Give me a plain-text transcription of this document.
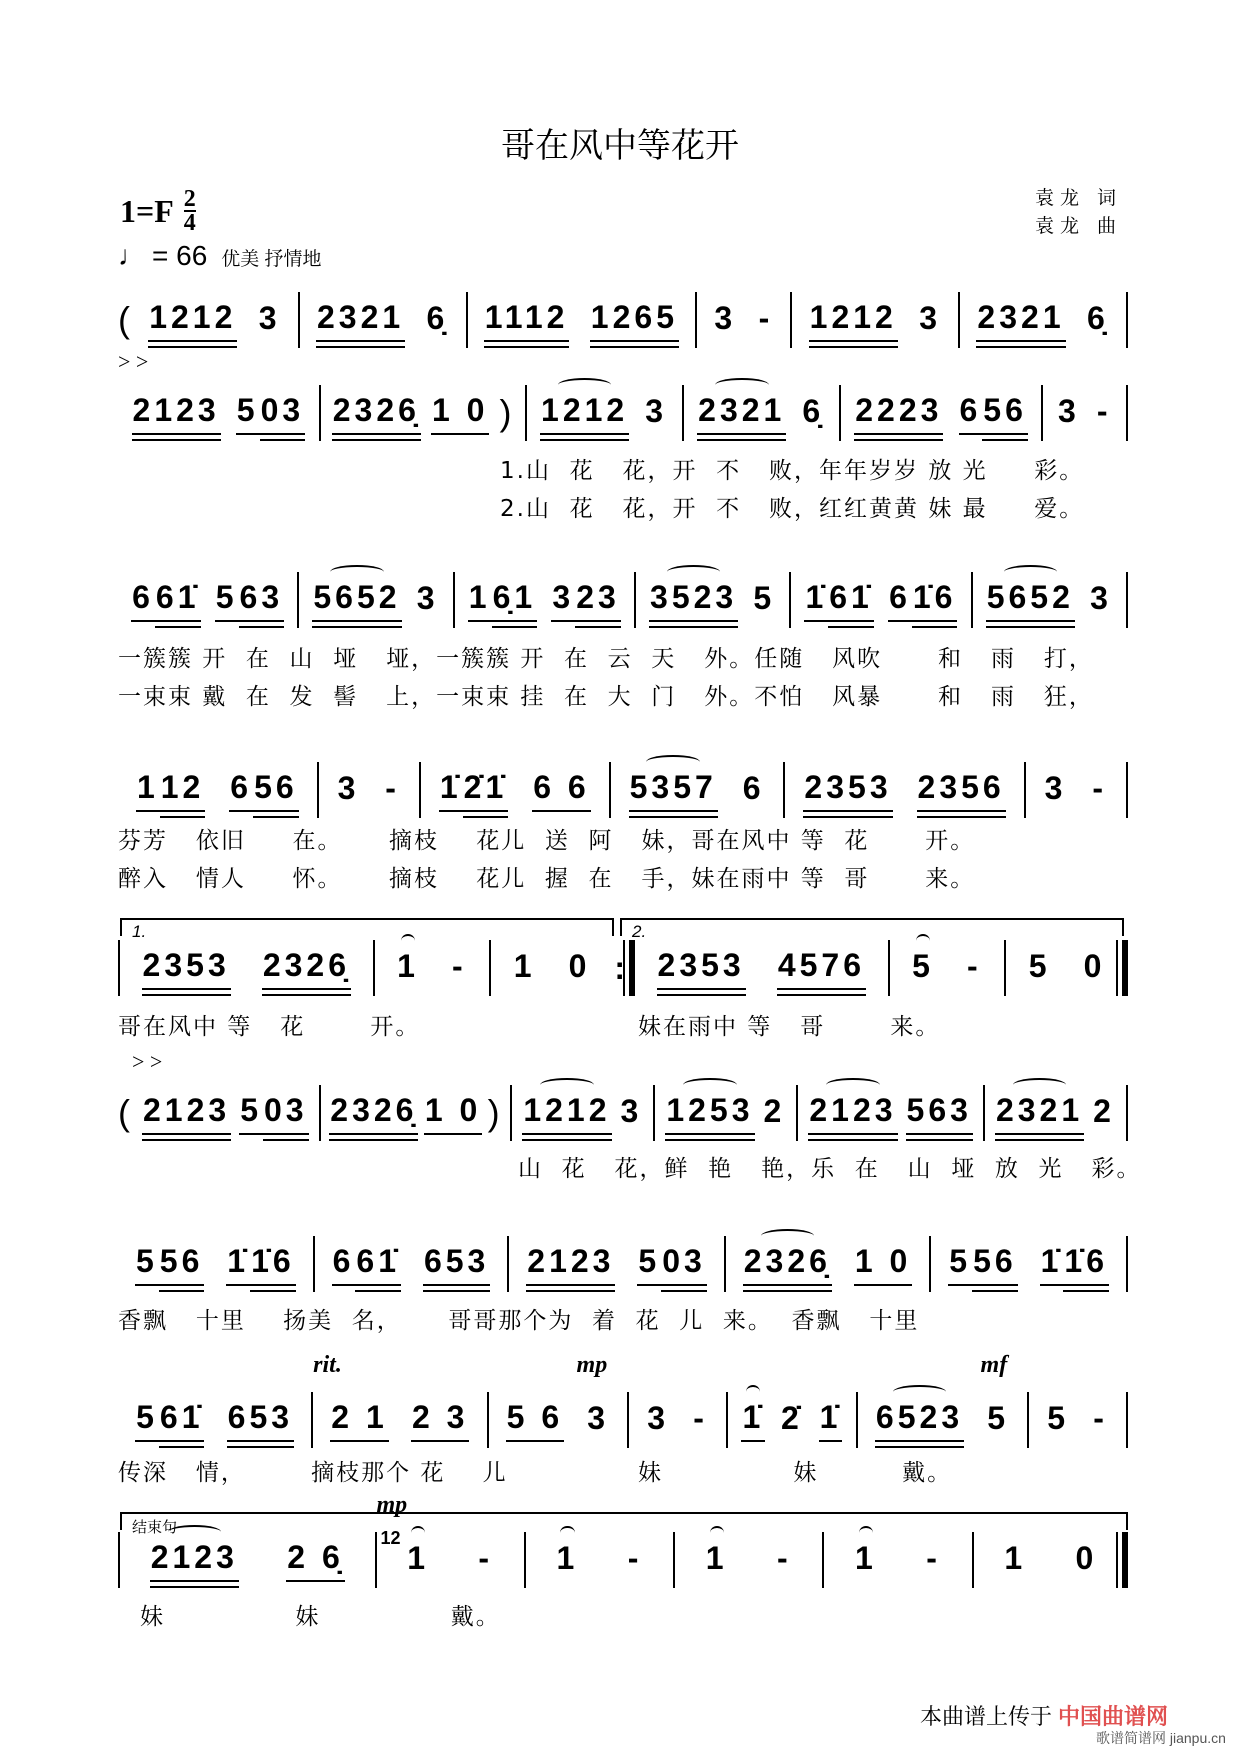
哥在风中等花开
$1=F \frac{2}{4}$
♩ = 66 优美 抒情地
袁龙 词
袁龙 曲
( 1212 3 2321 6̣ 1112 1265 3 - 1212 3 2321 6̣
> >
2123 5 03 2326̣ 1 0 ) 1212 3 2321 6̣ 2223 6 56 3 -
6 61̇ 5 63 5652 3 1 6̣1 3 23 3523 5 1̇ 61̇ 6 1̇6 5652 3
1 12 6 56 3 - 1̇ 2̇1̇ 6 6 5357 6 2353 2356 3 -
2353 2326̣ 1 - 1 0
: 2353 4576 5 - 5 0
(
> >
2123 5 03 2326̣ 1 0 ) 1212 3 1253 2 2123 563 2321 2
5 56 1̇ 1̇6 6 61̇ 653 2123 5 03 2326̣ 1 0 5 56 1̇ 1̇6
5 61̇ 653
rit.
2 1 2 3
mp
5 6 3 3 - 1̇ 2̇ 1̇
mf
6523 5 5 -
2123 2 6̣
mp
12
1 - 1 - 1 - 1 - 1 0
1.	2.
结束句
1.山  花   花，开  不   败，年年岁岁 放 光     彩。
2.山  花   花，开  不   败，红红黄黄 妹 最     爱。
一簇簇 开  在  山  垭   垭，一簇簇 开  在  云  天   外。任随   风吹      和   雨   打，
一束束 戴  在  发  髻   上，一束束 挂  在  大  门   外。不怕   风暴      和   雨   狂，
芬芳   依旧     在。     摘枝    花儿  送  阿   妹，哥在风中 等  花      开。
醉入   情人     怀。     摘枝    花儿  握  在   手，妹在雨中 等  哥      来。
哥在风中 等   花       开。	妹在雨中 等   哥       来。
山  花   花，鲜  艳   艳，乐  在   山  垭  放  光   彩。
香飘   十里    扬美  名，     哥哥那个为  着  花  儿  来。  香飘   十里
传深   情，       摘枝那个 花    儿              妹              妹         戴。
妹              妹              戴。
本曲谱上传于 中国曲谱网
歌谱简谱网 jianpu.cn
